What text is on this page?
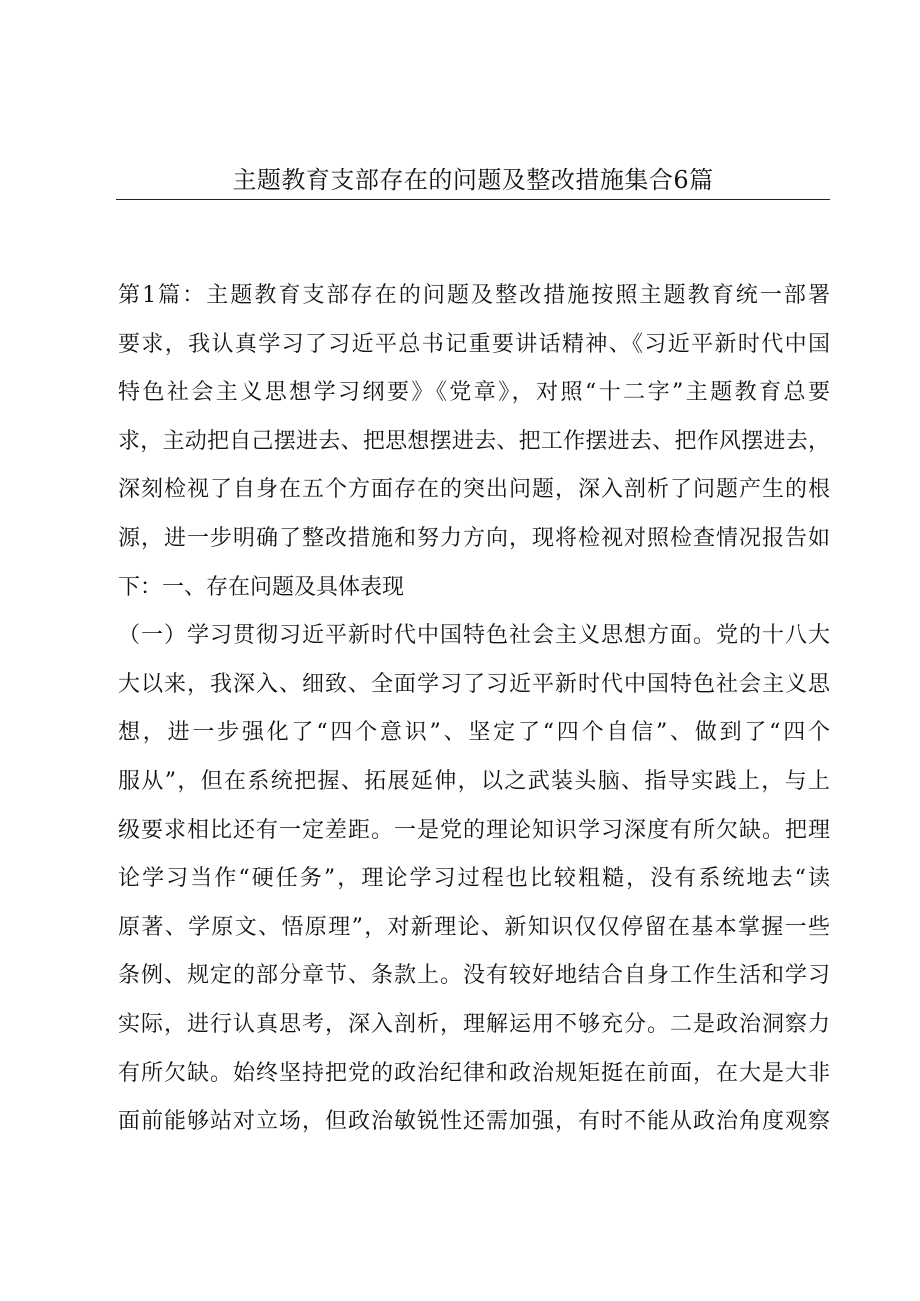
主题教育支部存在的问题及整改措施集合6篇
第1篇：主题教育支部存在的问题及整改措施按照主题教育统一部署
要求，我认真学习了习近平总书记重要讲话精神、《习近平新时代中国
特色社会主义思想学习纲要》《党章》，对照“十二字”主题教育总要
求，主动把自己摆进去、把思想摆进去、把工作摆进去、把作风摆进去，
深刻检视了自身在五个方面存在的突出问题，深入剖析了问题产生的根
源，进一步明确了整改措施和努力方向，现将检视对照检查情况报告如
下：一、存在问题及具体表现
（一）学习贯彻习近平新时代中国特色社会主义思想方面。党的十八大
大以来，我深入、细致、全面学习了习近平新时代中国特色社会主义思
想，进一步强化了“四个意识”、坚定了“四个自信”、做到了“四个
服从”，但在系统把握、拓展延伸，以之武装头脑、指导实践上，与上
级要求相比还有一定差距。一是党的理论知识学习深度有所欠缺。把理
论学习当作“硬任务”，理论学习过程也比较粗糙，没有系统地去“读
原著、学原文、悟原理”，对新理论、新知识仅仅停留在基本掌握一些
条例、规定的部分章节、条款上。没有较好地结合自身工作生活和学习
实际，进行认真思考，深入剖析，理解运用不够充分。二是政治洞察力
有所欠缺。始终坚持把党的政治纪律和政治规矩挺在前面，在大是大非
面前能够站对立场，但政治敏锐性还需加强，有时不能从政治角度观察
